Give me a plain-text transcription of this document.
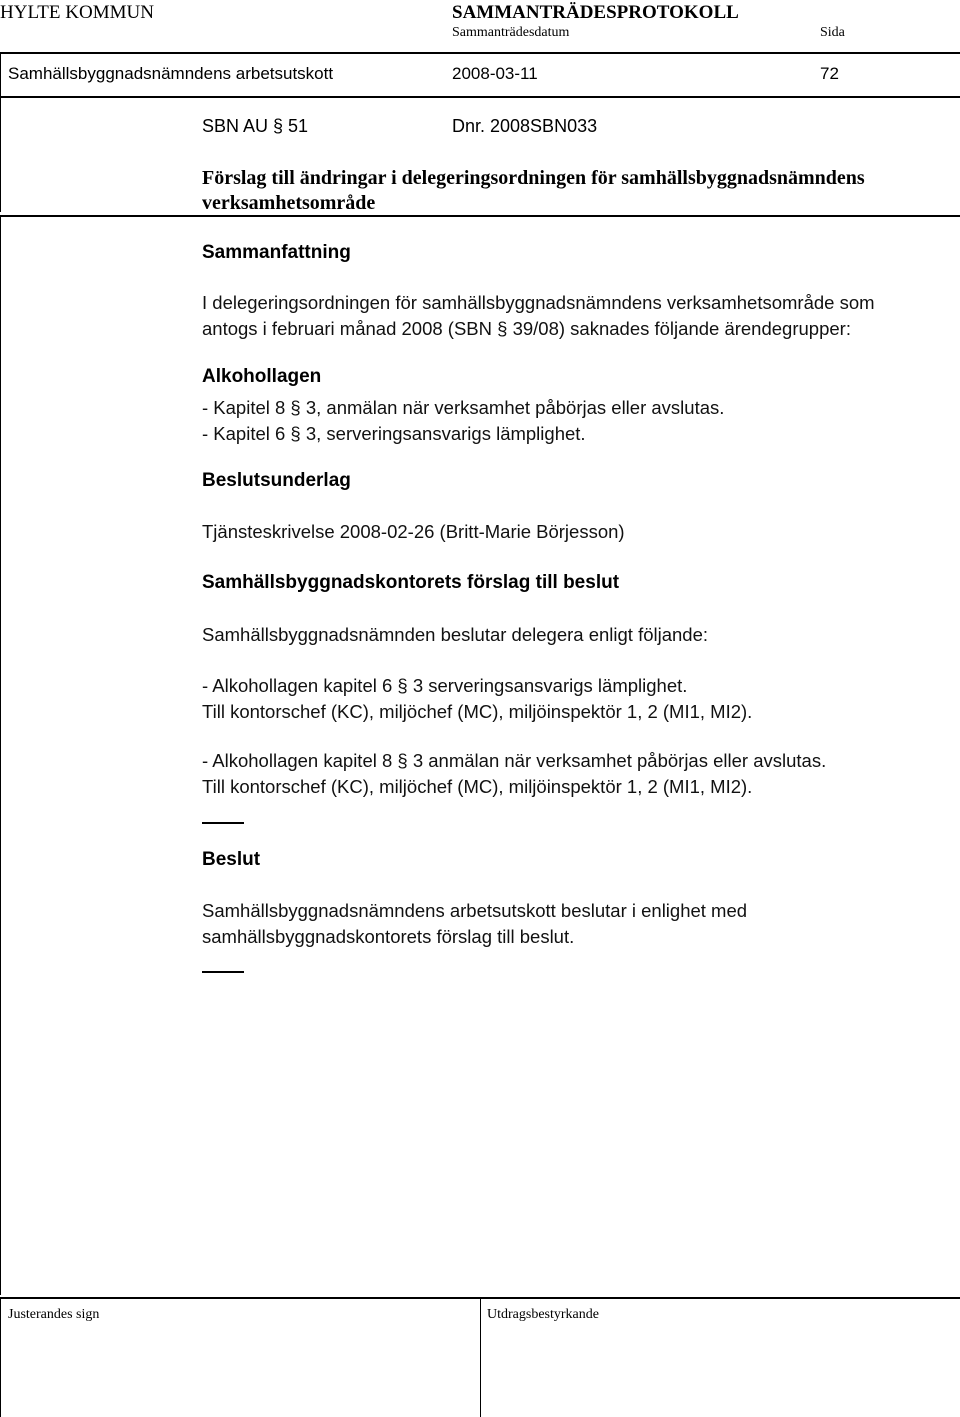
HYLTE KOMMUN	SAMMANTRÄDESPROTOKOLL
Sammanträdesdatum	Sida
Samhällsbyggnadsnämndens arbetsutskott	2008-03-11	72
SBN AU § 51	Dnr. 2008SBN033
Förslag till ändringar i delegeringsordningen för samhällsbyggnadsnämndens verksamhetsområde
Sammanfattning
I delegeringsordningen för samhällsbyggnadsnämndens verksamhetsområde som
antogs i februari månad 2008 (SBN § 39/08) saknades följande ärendegrupper:
Alkohollagen
- Kapitel 8 § 3, anmälan när verksamhet påbörjas eller avslutas.
- Kapitel 6 § 3, serveringsansvarigs lämplighet.
Beslutsunderlag
Tjänsteskrivelse 2008-02-26 (Britt-Marie Börjesson)
Samhällsbyggnadskontorets förslag till beslut
Samhällsbyggnadsnämnden beslutar delegera enligt följande:
- Alkohollagen kapitel 6 § 3 serveringsansvarigs lämplighet.
Till kontorschef (KC), miljöchef (MC), miljöinspektör 1, 2 (MI1, MI2).
- Alkohollagen kapitel 8 § 3 anmälan när verksamhet påbörjas eller avslutas.
Till kontorschef (KC), miljöchef (MC), miljöinspektör 1, 2 (MI1, MI2).
Beslut
Samhällsbyggnadsnämndens arbetsutskott beslutar i enlighet med
samhällsbyggnadskontorets förslag till beslut.
Justerandes sign	Utdragsbestyrkande
